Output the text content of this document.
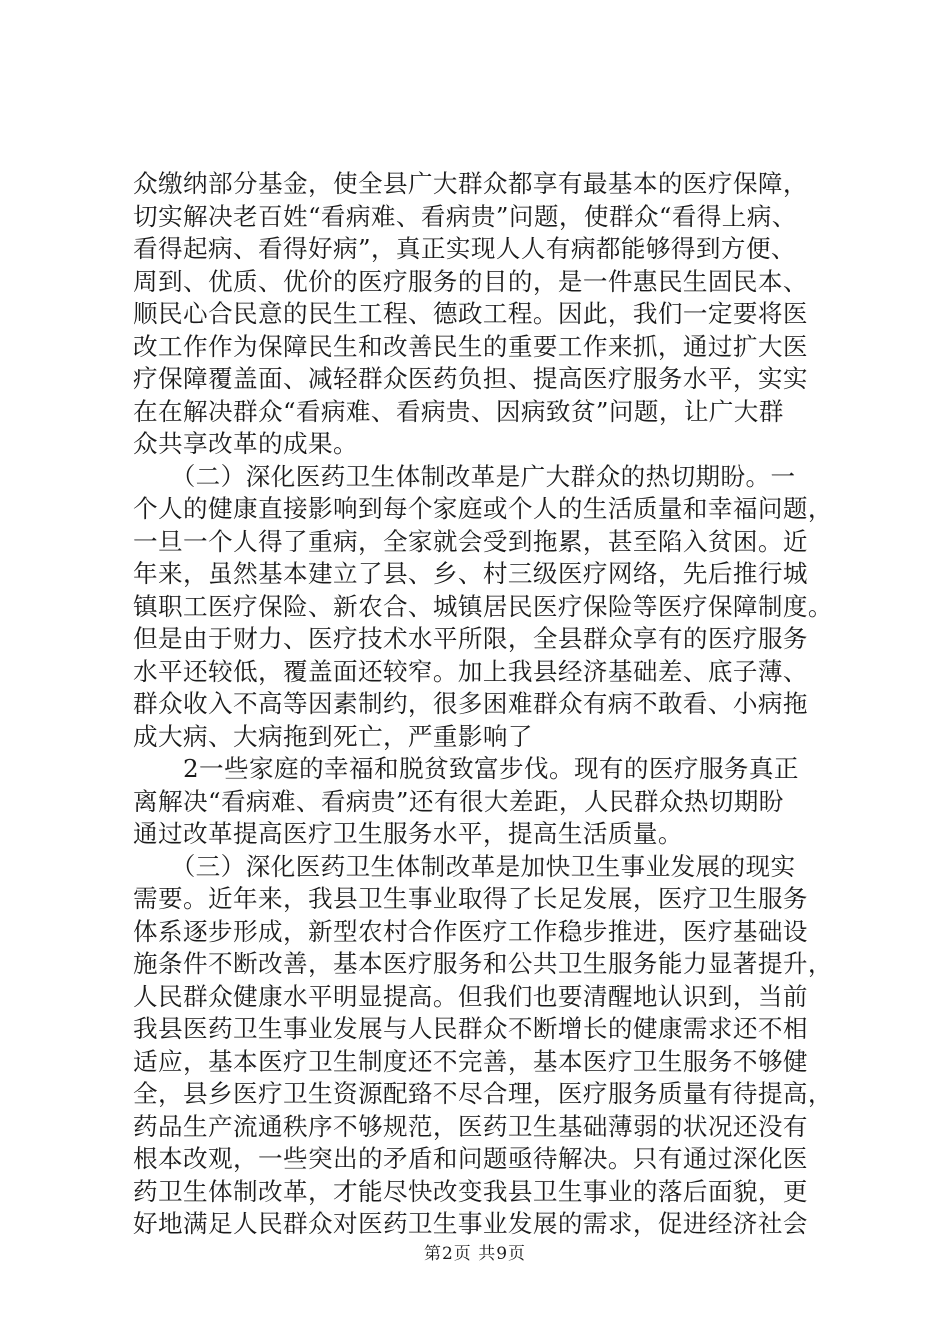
众缴纳部分基金，使全县广大群众都享有最基本的医疗保障，
切实解决老百姓“看病难、看病贵”问题，使群众“看得上病、
看得起病、看得好病”，真正实现人人有病都能够得到方便、
周到、优质、优价的医疗服务的目的，是一件惠民生固民本、
顺民心合民意的民生工程、德政工程。因此，我们一定要将医
改工作作为保障民生和改善民生的重要工作来抓，通过扩大医
疗保障覆盖面、减轻群众医药负担、提高医疗服务水平，实实
在在解决群众“看病难、看病贵、因病致贫”问题，让广大群
众共享改革的成果。
　　（二）深化医药卫生体制改革是广大群众的热切期盼。一
个人的健康直接影响到每个家庭或个人的生活质量和幸福问题，
一旦一个人得了重病，全家就会受到拖累，甚至陷入贫困。近
年来，虽然基本建立了县、乡、村三级医疗网络，先后推行城
镇职工医疗保险、新农合、城镇居民医疗保险等医疗保障制度。
但是由于财力、医疗技术水平所限，全县群众享有的医疗服务
水平还较低，覆盖面还较窄。加上我县经济基础差、底子薄、
群众收入不高等因素制约，很多困难群众有病不敢看、小病拖
成大病、大病拖到死亡，严重影响了
　　2一些家庭的幸福和脱贫致富步伐。现有的医疗服务真正
离解决“看病难、看病贵”还有很大差距，人民群众热切期盼
通过改革提高医疗卫生服务水平，提高生活质量。
　　（三）深化医药卫生体制改革是加快卫生事业发展的现实
需要。近年来，我县卫生事业取得了长足发展，医疗卫生服务
体系逐步形成，新型农村合作医疗工作稳步推进，医疗基础设
施条件不断改善，基本医疗服务和公共卫生服务能力显著提升，
人民群众健康水平明显提高。但我们也要清醒地认识到，当前
我县医药卫生事业发展与人民群众不断增长的健康需求还不相
适应，基本医疗卫生制度还不完善，基本医疗卫生服务不够健
全，县乡医疗卫生资源配臵不尽合理，医疗服务质量有待提高，
药品生产流通秩序不够规范，医药卫生基础薄弱的状况还没有
根本改观，一些突出的矛盾和问题亟待解决。只有通过深化医
药卫生体制改革，才能尽快改变我县卫生事业的落后面貌，更
好地满足人民群众对医药卫生事业发展的需求，促进经济社会
第2页 共9页
